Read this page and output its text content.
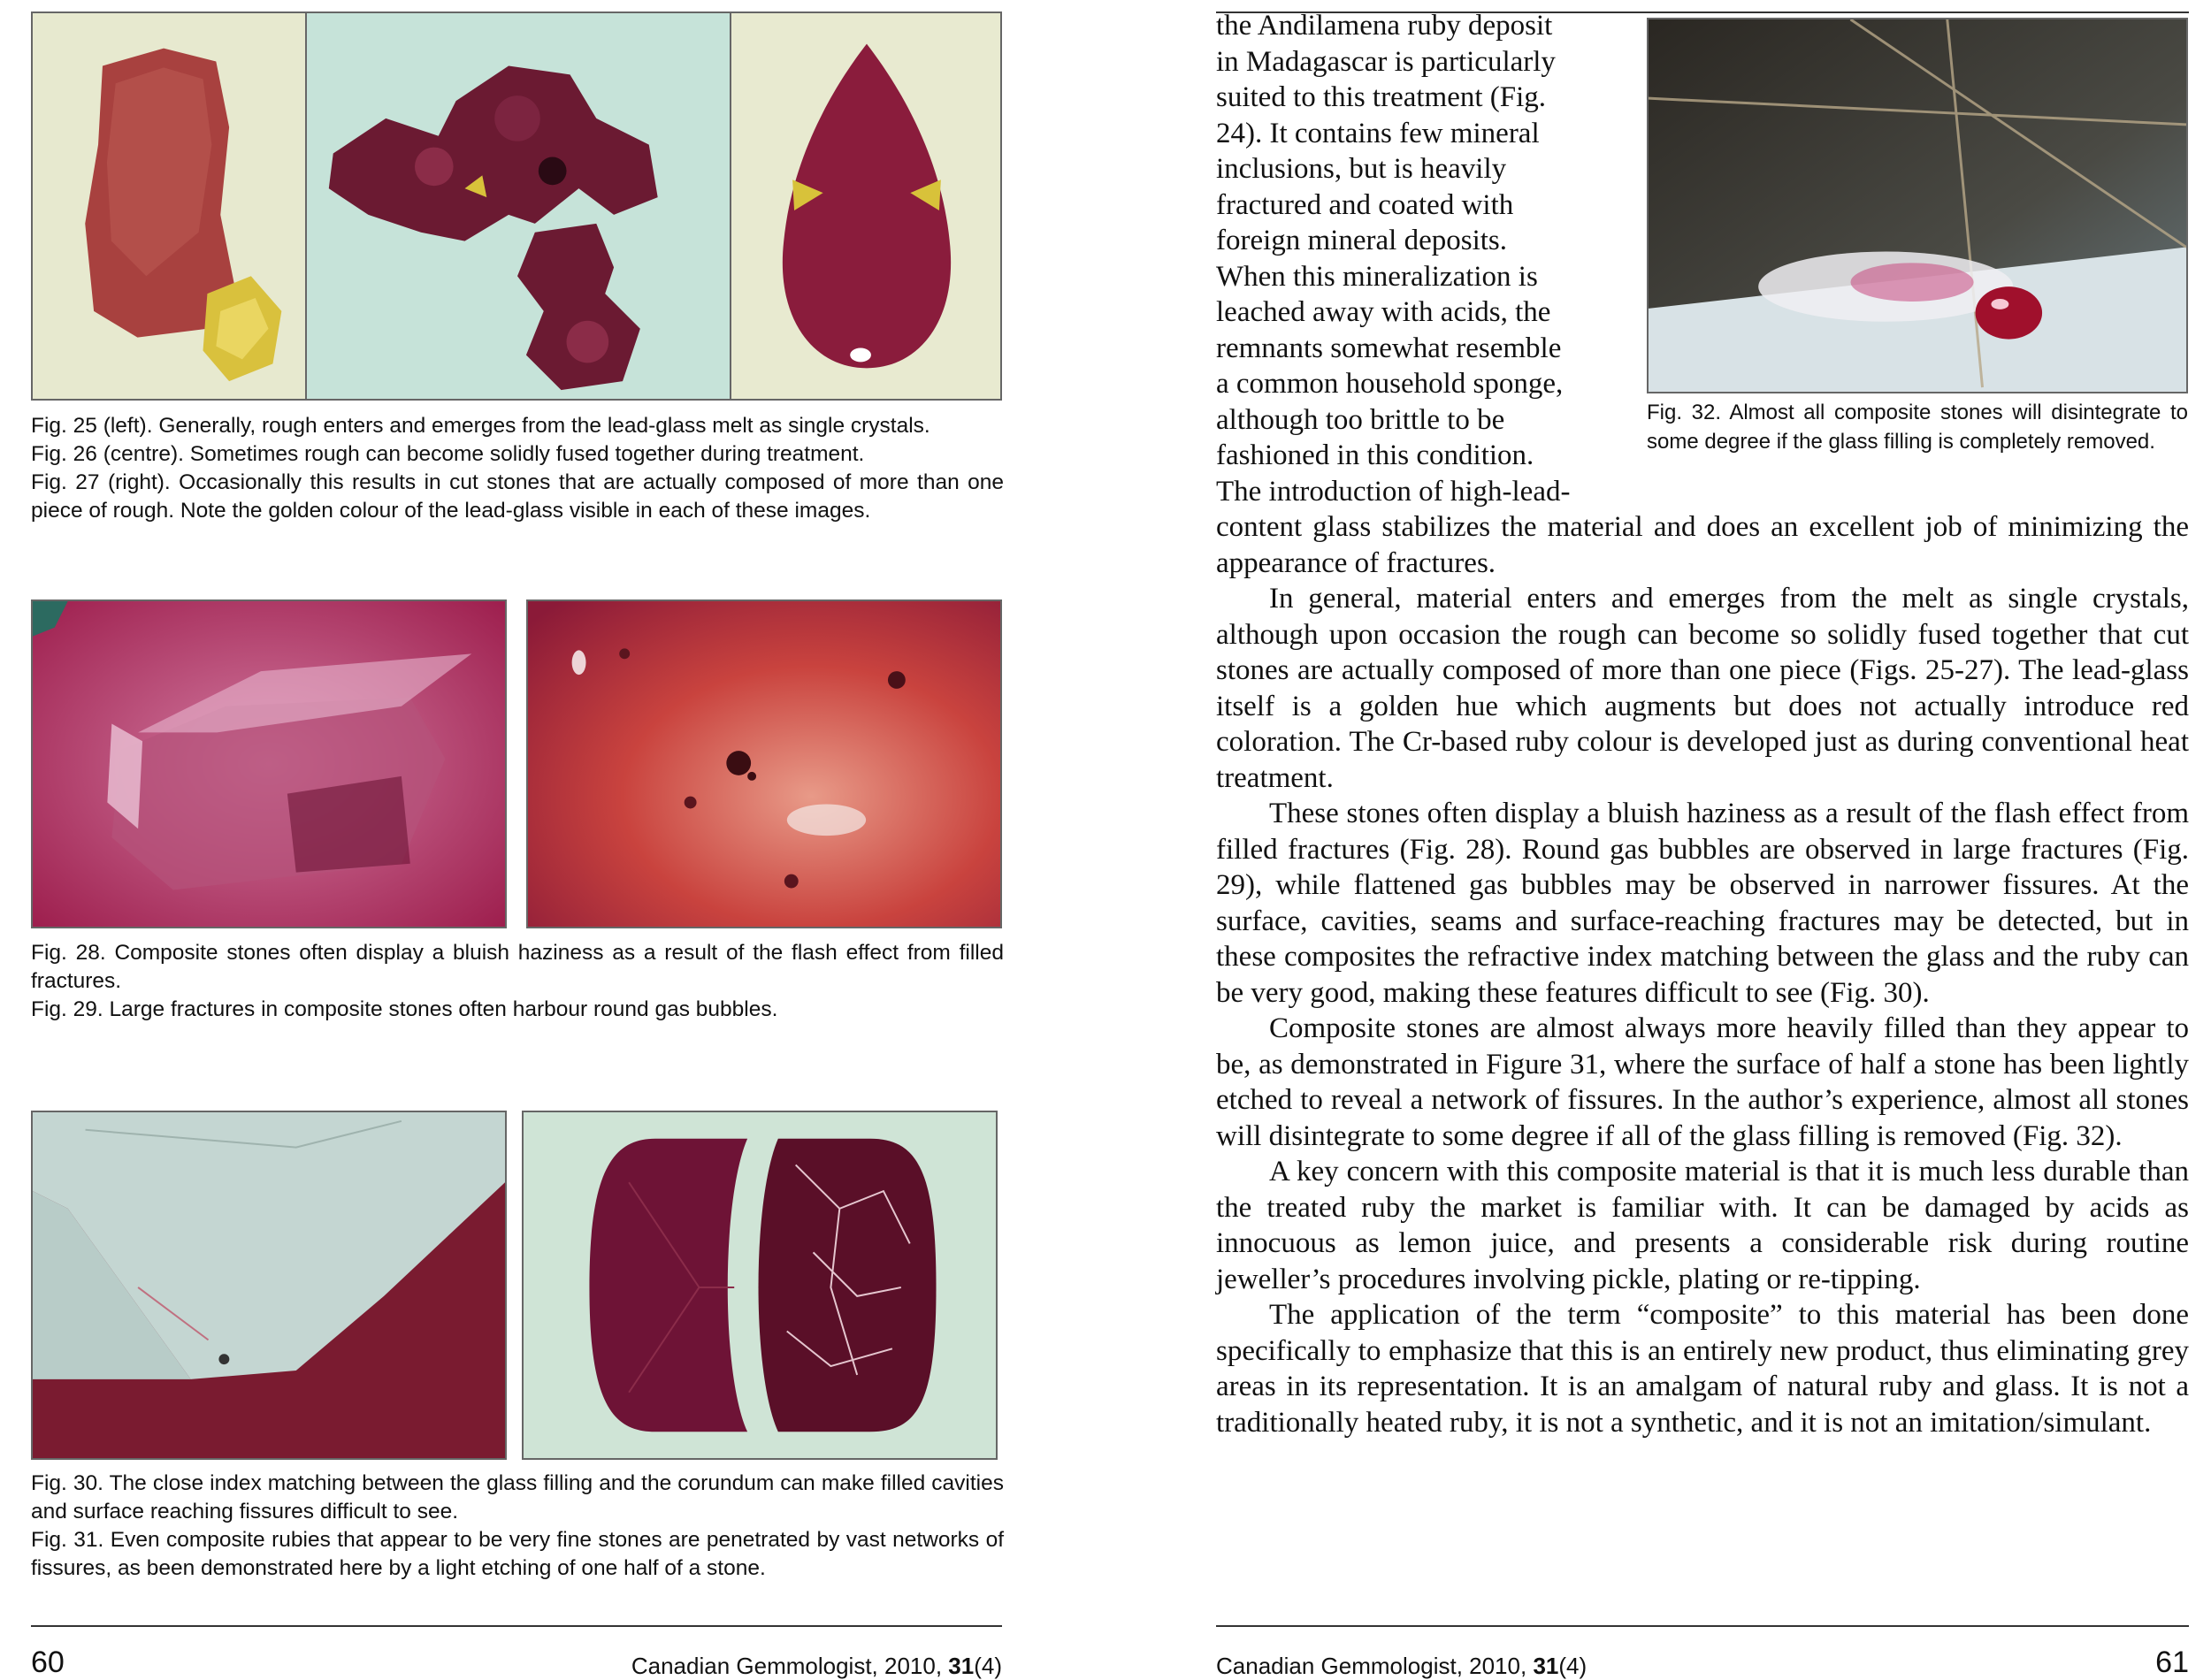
Fig. 25 (left). Generally, rough enters and emerges from the lead-glass melt as single crystals.

Fig. 26 (centre). Sometimes rough can become solidly fused together during treatment.

Fig. 27 (right). Occasionally this results in cut stones that are actually composed of more than one piece of rough. Note the golden colour of the lead-glass visible in each of these images.

Fig. 28. Composite stones often display a bluish haziness as a result of the flash effect from filled fractures.

Fig. 29. Large fractures in composite stones often harbour round gas bubbles.

Fig. 30. The close index matching between the glass filling and the corundum can make filled cavities and surface reaching fissures difficult to see.

Fig. 31. Even composite rubies that appear to be very fine stones are penetrated by vast networks of fissures, as been demonstrated here by a light etching of one half of a stone.

60	Canadian Gemmologist, 2010, 31(4)
the Andilamena ruby deposit
in Madagascar is particularly
suited to this treatment (Fig.
24). It contains few mineral
inclusions, but is heavily
fractured and coated with
foreign mineral deposits.
When this mineralization is
leached away with acids, the
remnants somewhat resemble
a common household sponge,
although too brittle to be
fashioned in this condition.
The introduction of high-lead-
Fig. 32. Almost all composite stones will disintegrate to some degree if the glass filling is completely removed.

content glass stabilizes the material and does an excellent job of minimizing the appearance of fractures.

In general, material enters and emerges from the melt as single crystals, although upon occasion the rough can become so solidly fused together that cut stones are actually composed of more than one piece (Figs. 25-27). The lead-glass itself is a golden hue which augments but does not actually introduce red coloration. The Cr-based ruby colour is developed just as during conventional heat treatment.

These stones often display a bluish haziness as a result of the flash effect from filled fractures (Fig. 28). Round gas bubbles are observed in large fractures (Fig. 29), while flattened gas bubbles may be observed in narrower fissures. At the surface, cavities, seams and surface-reaching fractures may be detected, but in these composites the refractive index matching between the glass and the ruby can be very good, making these features difficult to see (Fig. 30).

Composite stones are almost always more heavily filled than they appear to be, as demonstrated in Figure 31, where the surface of half a stone has been lightly etched to reveal a network of fissures. In the author’s experience, almost all stones will disintegrate to some degree if all of the glass filling is removed (Fig. 32).

A key concern with this composite material is that it is much less durable than the treated ruby the market is familiar with. It can be damaged by acids as innocuous as lemon juice, and presents a considerable risk during routine jeweller’s procedures involving pickle, plating or re-tipping.

The application of the term “composite” to this material has been done specifically to emphasize that this is an entirely new product, thus eliminating grey areas in its representation. It is an amalgam of natural ruby and glass. It is not a traditionally heated ruby, it is not a synthetic, and it is not an imitation/simulant.

Canadian Gemmologist, 2010, 31(4)	61
